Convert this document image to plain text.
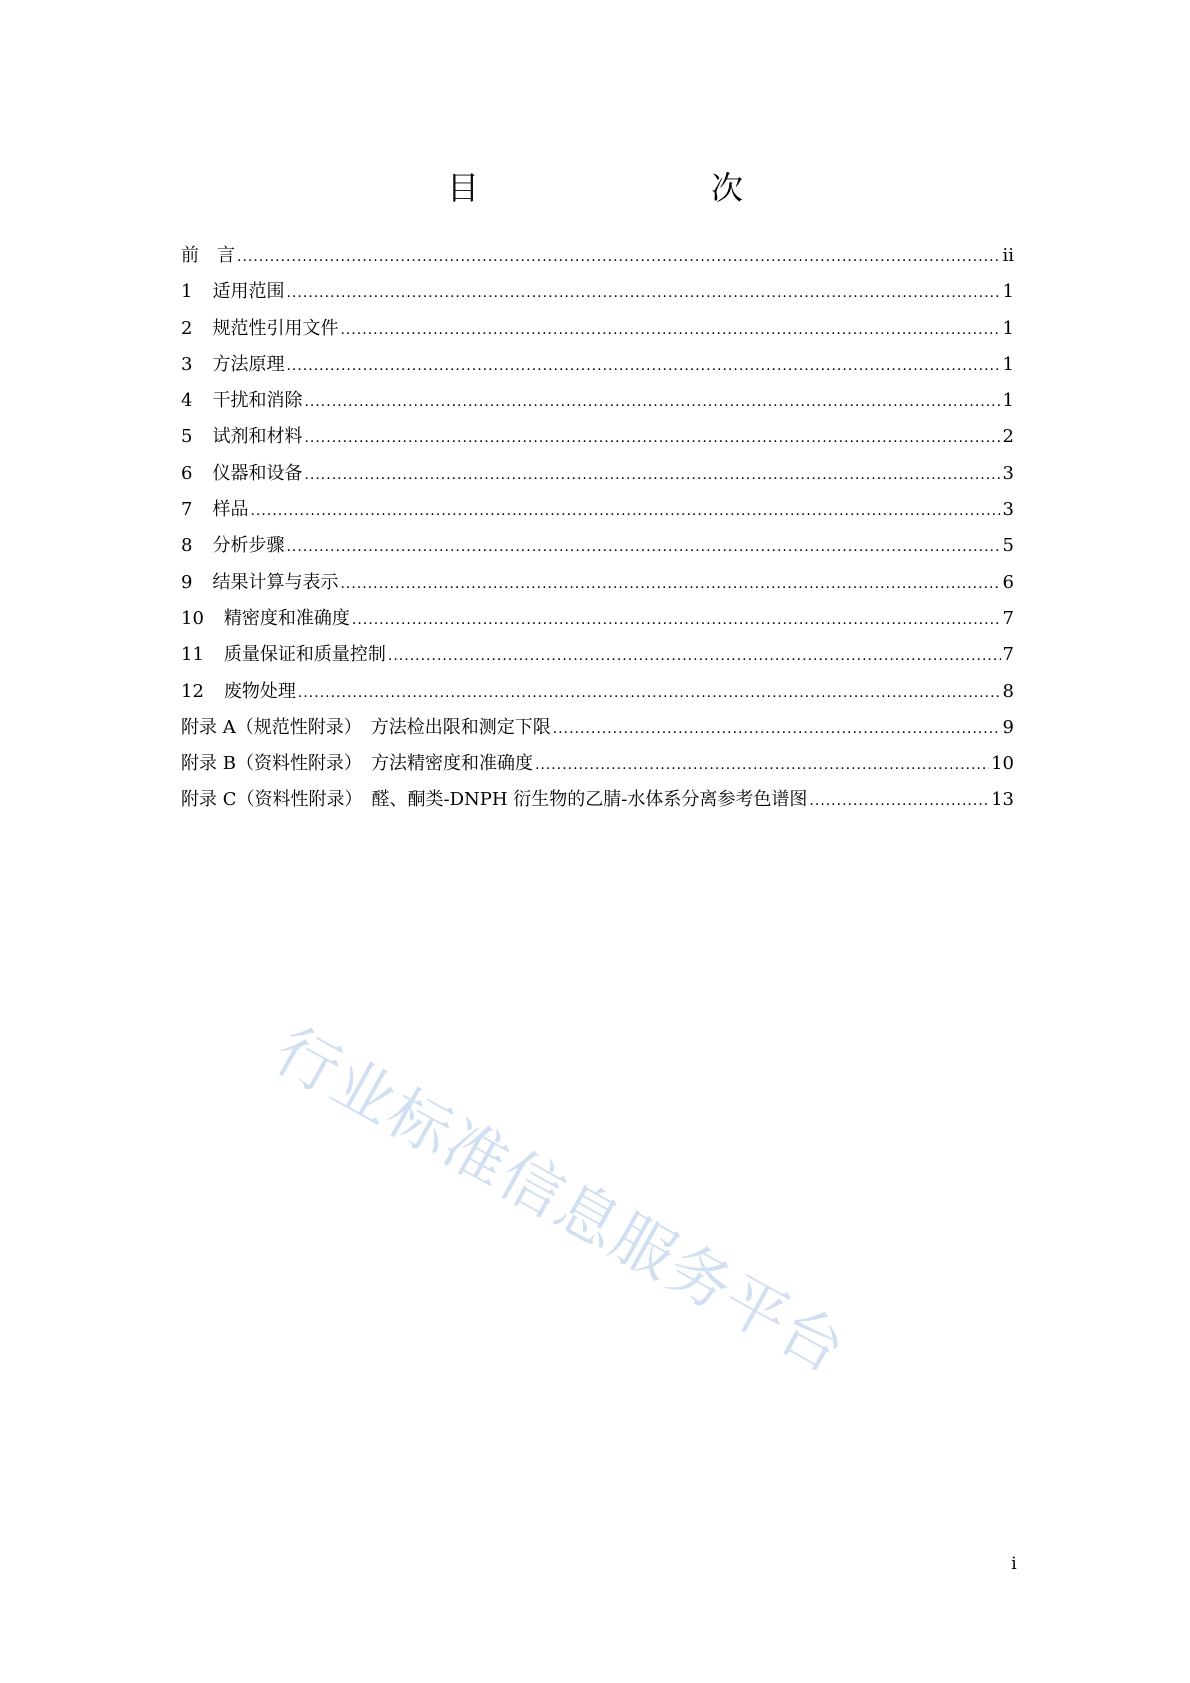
目　　次
前　言 .....	ii
1 适用范围 .....	1
2 规范性引用文件 .....	1
3 方法原理 .....	1
4 干扰和消除 .....	1
5 试剂和材料 .....	2
6 仪器和设备 .....	3
7 样品 .....	3
8 分析步骤 .....	5
9 结果计算与表示 .....	6
10 精密度和准确度 .....	7
11 质量保证和质量控制 .....	7
12 废物处理 .....	8
附录 A（规范性附录）　方法检出限和测定下限 .....	9
附录 B（资料性附录）　方法精密度和准确度 .....	10
附录 C（资料性附录）　醛、酮类-DNPH 衍生物的乙腈-水体系分离参考色谱图 .....	13
行业标准信息服务平台
i
